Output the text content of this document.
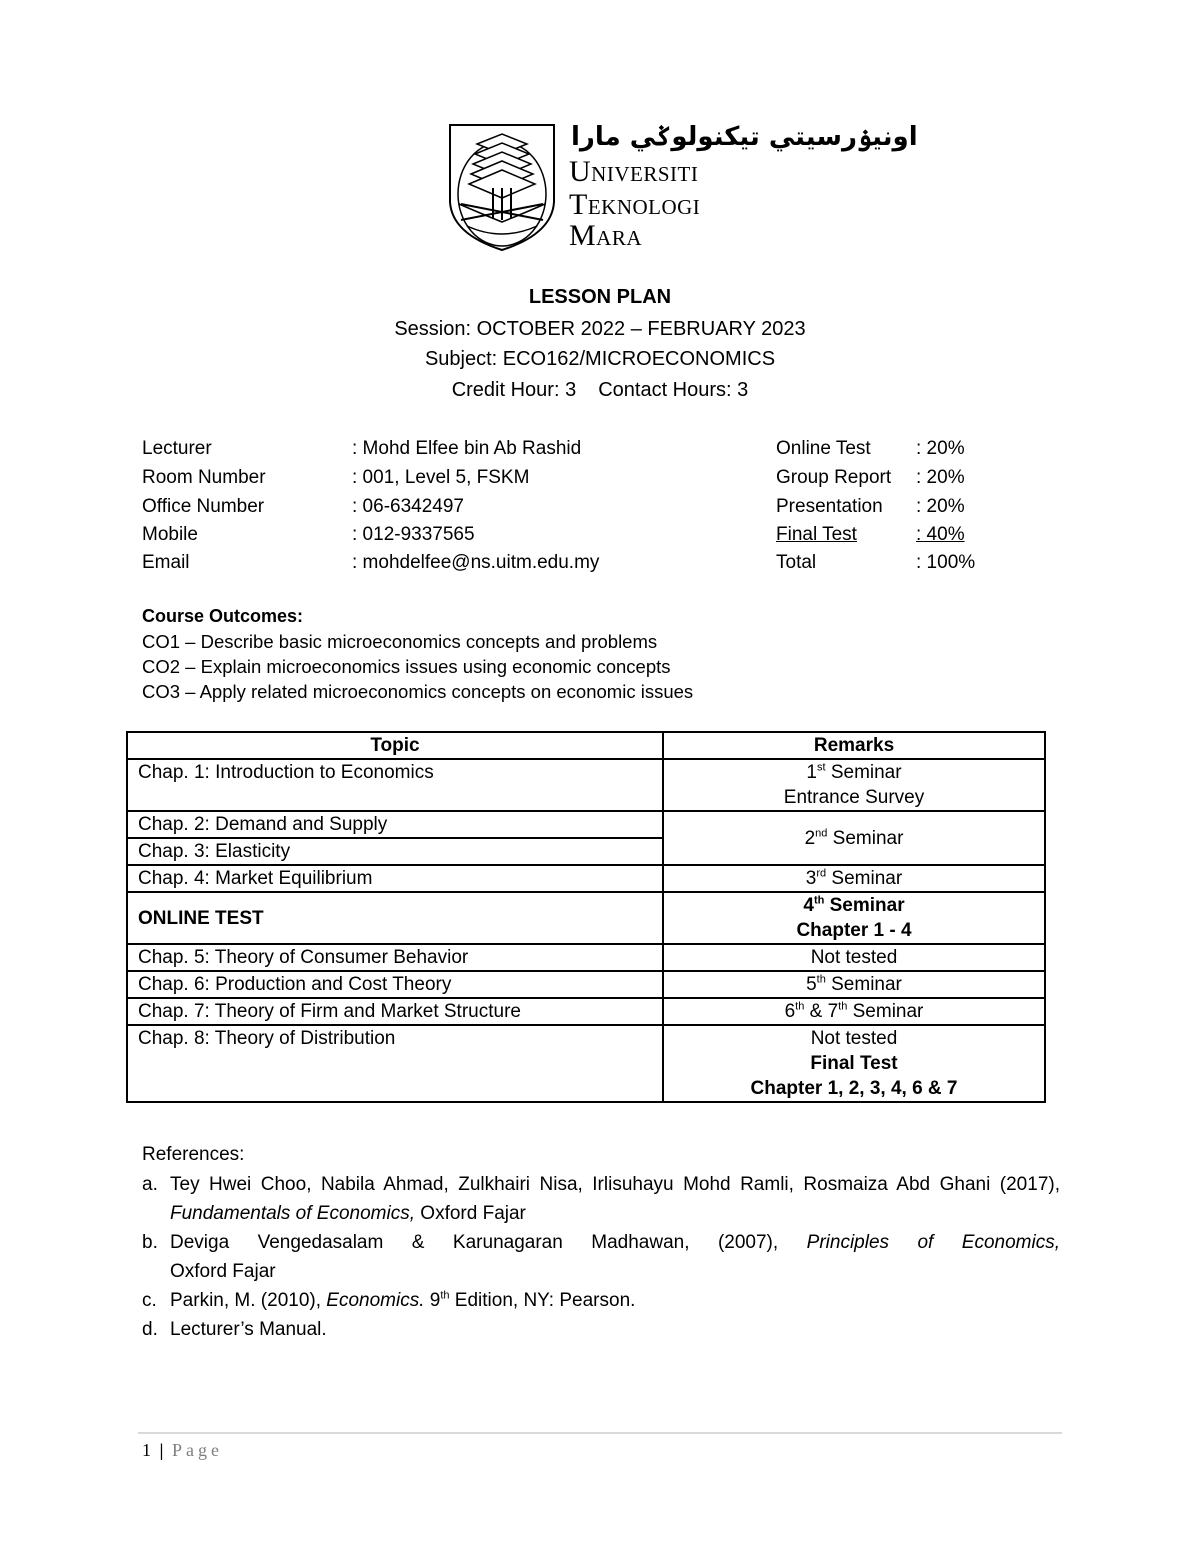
اونيۏرسيتي تيکنولوݢي مارا
Universiti
Teknologi
Mara
LESSON PLAN
Session: OCTOBER 2022 – FEBRUARY 2023
Subject: ECO162/MICROECONOMICS
Credit Hour: 3 Contact Hours: 3
Lecturer	: Mohd Elfee bin Ab Rashid
Room Number	: 001, Level 5, FSKM
Office Number	: 06-6342497
Mobile	: 012-9337565
Email	: mohdelfee@ns.uitm.edu.my
Online Test : 20%
Group Report : 20%
Presentation : 20%
Final Test	: 40%
Total	: 100%
Course Outcomes:
CO1 – Describe basic microeconomics concepts and problems
CO2 – Explain microeconomics issues using economic concepts
CO3 – Apply related microeconomics concepts on economic issues
Topic	Remarks
Chap. 1: Introduction to Economics	1st Seminar
Entrance Survey

Chap. 2: Demand and Supply	2nd Seminar
Chap. 3: Elasticity	
Chap. 4: Market Equilibrium	3rd Seminar
ONLINE TEST	4th Seminar
Chapter 1 - 4

Chap. 5: Theory of Consumer Behavior	Not tested
Chap. 6: Production and Cost Theory	5th Seminar
Chap. 7: Theory of Firm and Market Structure	6th & 7th Seminar
Chap. 8: Theory of Distribution	Not tested
Final Test
Chapter 1, 2, 3, 4, 6 & 7
References:
a. Tey Hwei Choo, Nabila Ahmad, Zulkhairi Nisa, Irlisuhayu Mohd Ramli, Rosmaiza Abd Ghani (2017),
Fundamentals of Economics, Oxford Fajar
b. Deviga Vengedasalam & Karunagaran Madhawan, (2007), Principles of Economics,
Oxford Fajar
c. Parkin, M. (2010), Economics. 9th Edition, NY: Pearson.
d. Lecturer’s Manual.
1 | Page
